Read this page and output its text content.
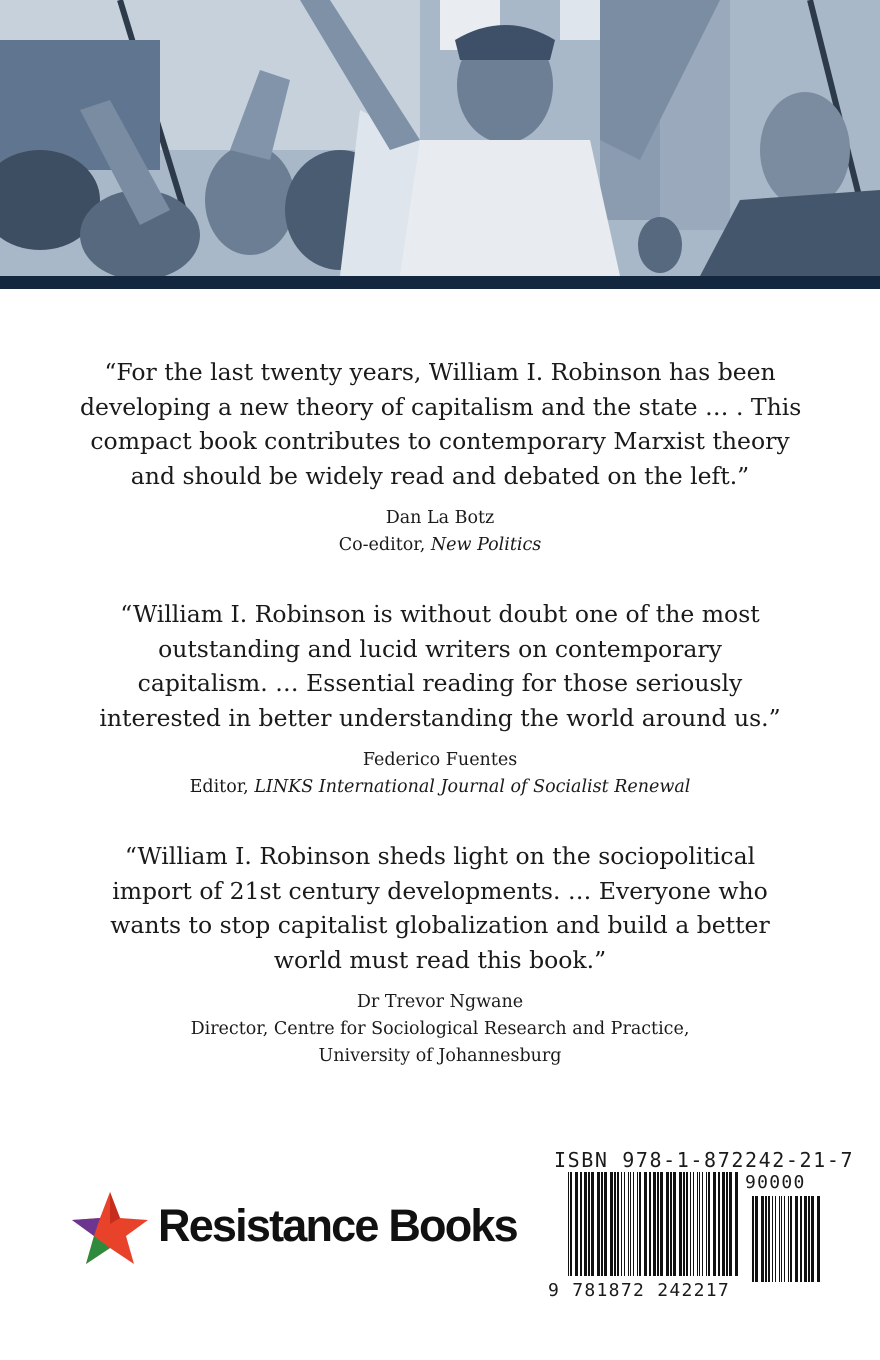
“For the last twenty years, William I. Robinson has been
developing a new theory of capitalism and the state … . This
compact book contributes to contemporary Marxist theory
and should be widely read and debated on the left.”

Dan La Botz
Co-editor, New Politics

“William I. Robinson is without doubt one of the most
outstanding and lucid writers on contemporary
capitalism. … Essential reading for those seriously
interested in better understanding the world around us.”

Federico Fuentes
Editor, LINKS International Journal of Socialist Renewal

“William I. Robinson sheds light on the sociopolitical
import of 21st century developments. … Everyone who
wants to stop capitalist globalization and build a better
world must read this book.”

Dr Trevor Ngwane
Director, Centre for Sociological Research and Practice,
University of Johannesburg
Resistance Books
ISBN 978-1-872242-21-7
90000
9 781872 242217
